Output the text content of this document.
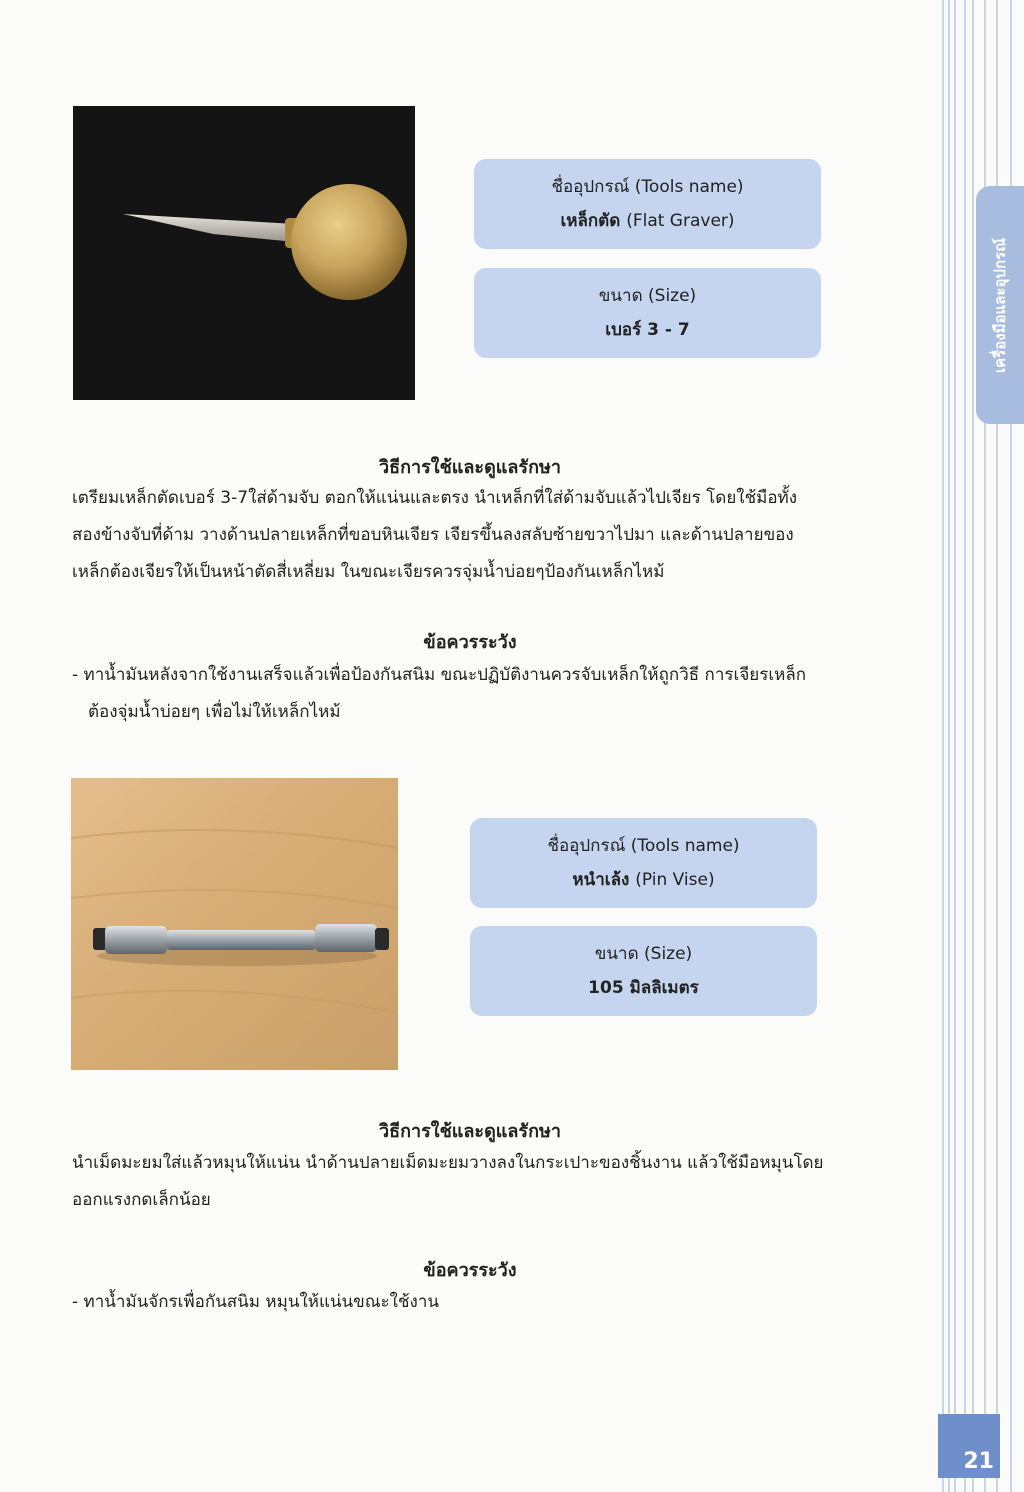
เครื่องมือและอุปกรณ์
ชื่ออุปกรณ์ (Tools name)
เหล็กตัด (Flat Graver)
ขนาด (Size)
เบอร์ 3 - 7
วิธีการใช้และดูแลรักษา
เตรียมเหล็กตัดเบอร์ 3-7ใส่ด้ามจับ ตอกให้แน่นและตรง นำเหล็กที่ใส่ด้ามจับแล้วไปเจียร โดยใช้มือทั้ง
สองข้างจับที่ด้าม วางด้านปลายเหล็กที่ขอบหินเจียร เจียรขึ้นลงสลับซ้ายขวาไปมา และด้านปลายของ
เหล็กต้องเจียรให้เป็นหน้าตัดสี่เหลี่ยม ในขณะเจียรควรจุ่มน้ำบ่อยๆป้องกันเหล็กไหม้
ข้อควรระวัง
- ทาน้ำมันหลังจากใช้งานเสร็จแล้วเพื่อป้องกันสนิม ขณะปฏิบัติงานควรจับเหล็กให้ถูกวิธี การเจียรเหล็ก
ต้องจุ่มน้ำบ่อยๆ เพื่อไม่ให้เหล็กไหม้
ชื่ออุปกรณ์ (Tools name)
หนำเล้ง (Pin Vise)
ขนาด (Size)
105 มิลลิเมตร
วิธีการใช้และดูแลรักษา
นำเม็ดมะยมใส่แล้วหมุนให้แน่น นำด้านปลายเม็ดมะยมวางลงในกระเปาะของชิ้นงาน แล้วใช้มือหมุนโดย
ออกแรงกดเล็กน้อย
ข้อควรระวัง
- ทาน้ำมันจักรเพื่อกันสนิม หมุนให้แน่นขณะใช้งาน
21
